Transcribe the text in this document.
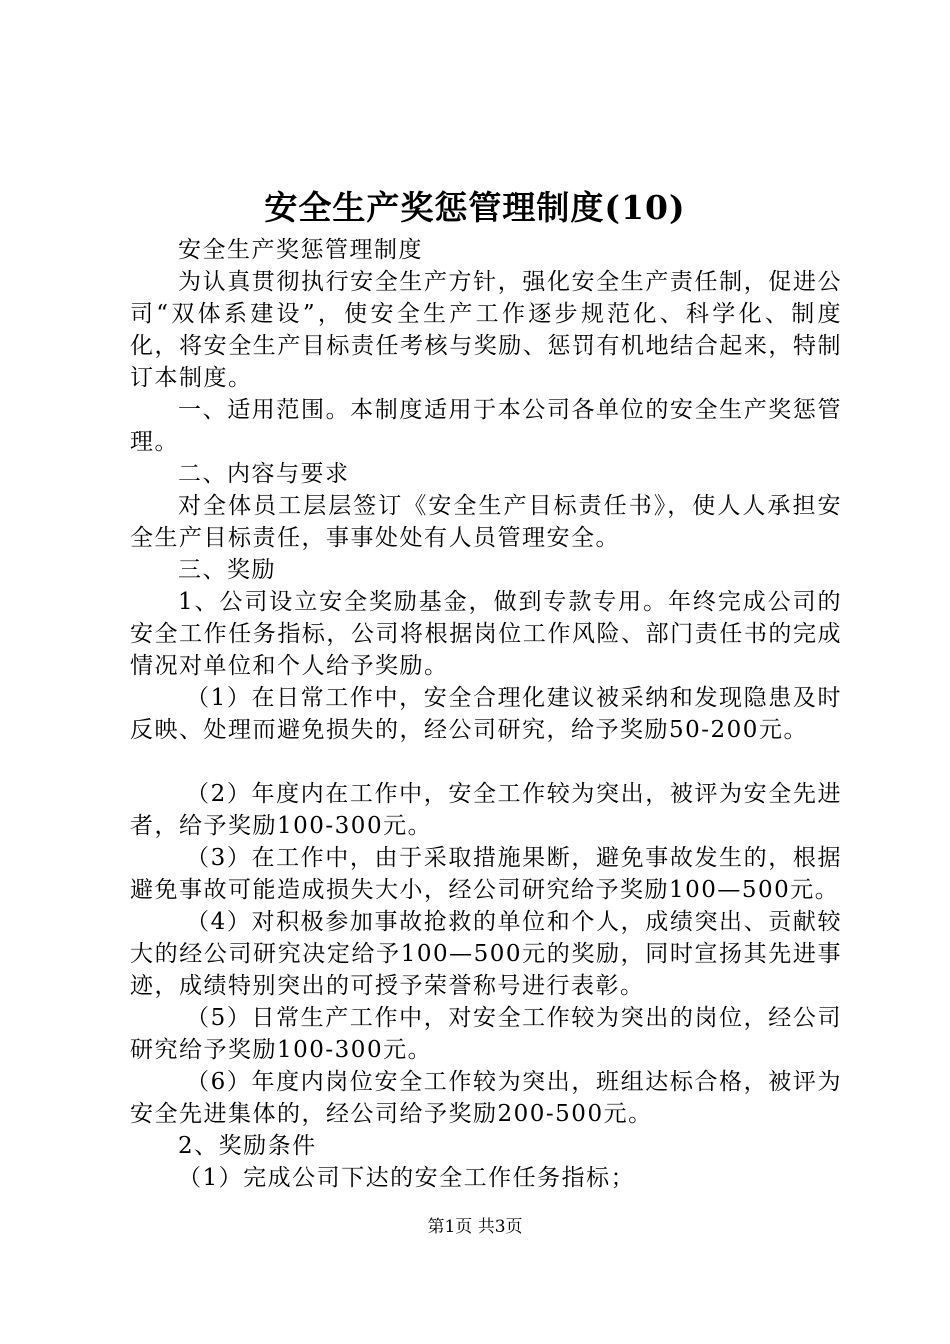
安全生产奖惩管理制度(10)

安全生产奖惩管理制度

为认真贯彻执行安全生产方针，强化安全生产责任制，促进公司“双体系建设”，使安全生产工作逐步规范化、科学化、制度化，将安全生产目标责任考核与奖励、惩罚有机地结合起来，特制订本制度。

一、适用范围。本制度适用于本公司各单位的安全生产奖惩管理。

二、内容与要求

对全体员工层层签订《安全生产目标责任书》，使人人承担安全生产目标责任，事事处处有人员管理安全。

三、奖励

1、公司设立安全奖励基金，做到专款专用。年终完成公司的安全工作任务指标，公司将根据岗位工作风险、部门责任书的完成情况对单位和个人给予奖励。

（1）在日常工作中，安全合理化建议被采纳和发现隐患及时反映、处理而避免损失的，经公司研究，给予奖励50-200元。

（2）年度内在工作中，安全工作较为突出，被评为安全先进者，给予奖励100-300元。

（3）在工作中，由于采取措施果断，避免事故发生的，根据避免事故可能造成损失大小，经公司研究给予奖励100—500元。

（4）对积极参加事故抢救的单位和个人，成绩突出、贡献较大的经公司研究决定给予100—500元的奖励，同时宣扬其先进事迹，成绩特别突出的可授予荣誉称号进行表彰。

（5）日常生产工作中，对安全工作较为突出的岗位，经公司研究给予奖励100-300元。

（6）年度内岗位安全工作较为突出，班组达标合格，被评为安全先进集体的，经公司给予奖励200-500元。

2、奖励条件

（1）完成公司下达的安全工作任务指标；

第1页 共3页
